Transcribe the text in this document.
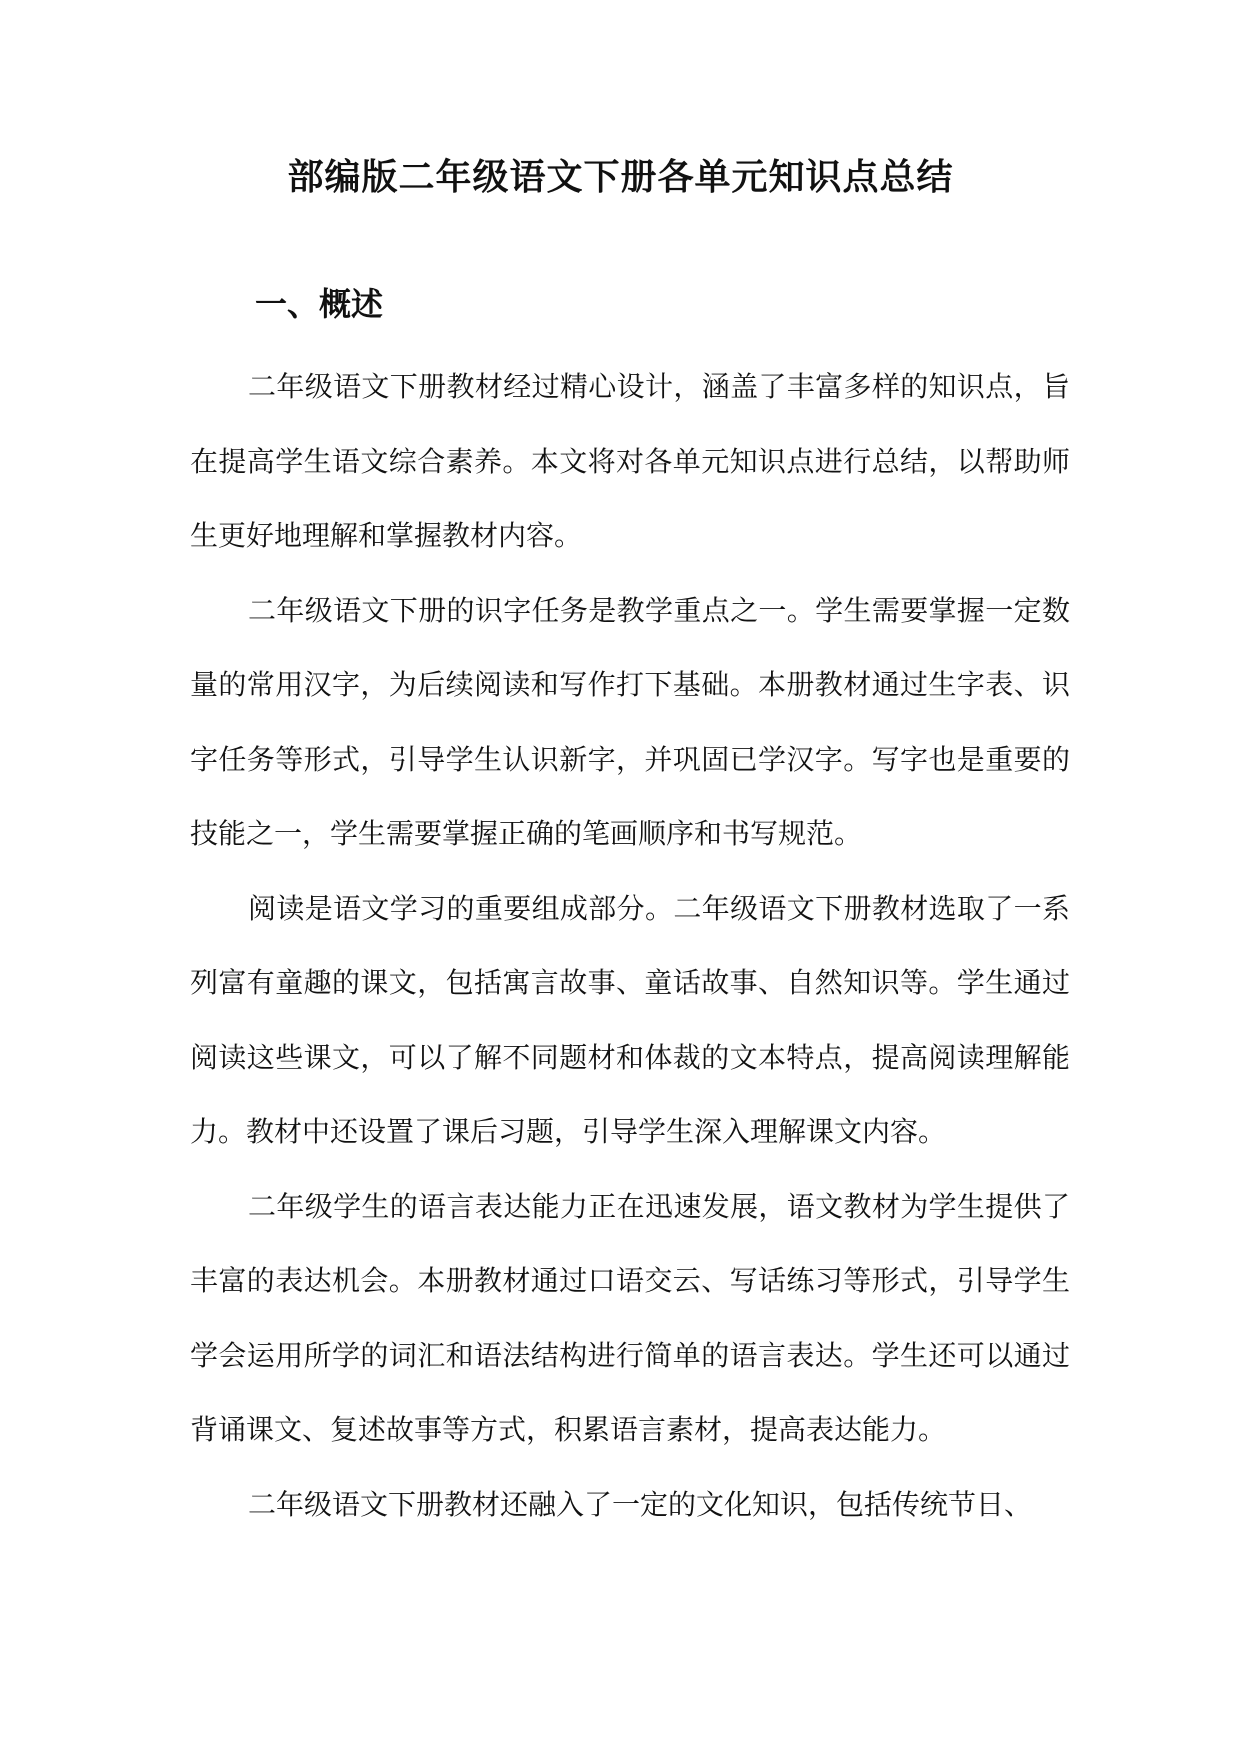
部编版二年级语文下册各单元知识点总结
一、概述

二年级语文下册教材经过精心设计，涵盖了丰富多样的知识点，旨在提高学生语文综合素养。本文将对各单元知识点进行总结，以帮助师生更好地理解和掌握教材内容。

二年级语文下册的识字任务是教学重点之一。学生需要掌握一定数量的常用汉字，为后续阅读和写作打下基础。本册教材通过生字表、识字任务等形式，引导学生认识新字，并巩固已学汉字。写字也是重要的技能之一，学生需要掌握正确的笔画顺序和书写规范。

阅读是语文学习的重要组成部分。二年级语文下册教材选取了一系列富有童趣的课文，包括寓言故事、童话故事、自然知识等。学生通过阅读这些课文，可以了解不同题材和体裁的文本特点，提高阅读理解能力。教材中还设置了课后习题，引导学生深入理解课文内容。

二年级学生的语言表达能力正在迅速发展，语文教材为学生提供了丰富的表达机会。本册教材通过口语交云、写话练习等形式，引导学生学会运用所学的词汇和语法结构进行简单的语言表达。学生还可以通过背诵课文、复述故事等方式，积累语言素材，提高表达能力。

二年级语文下册教材还融入了一定的文化知识，包括传统节日、
